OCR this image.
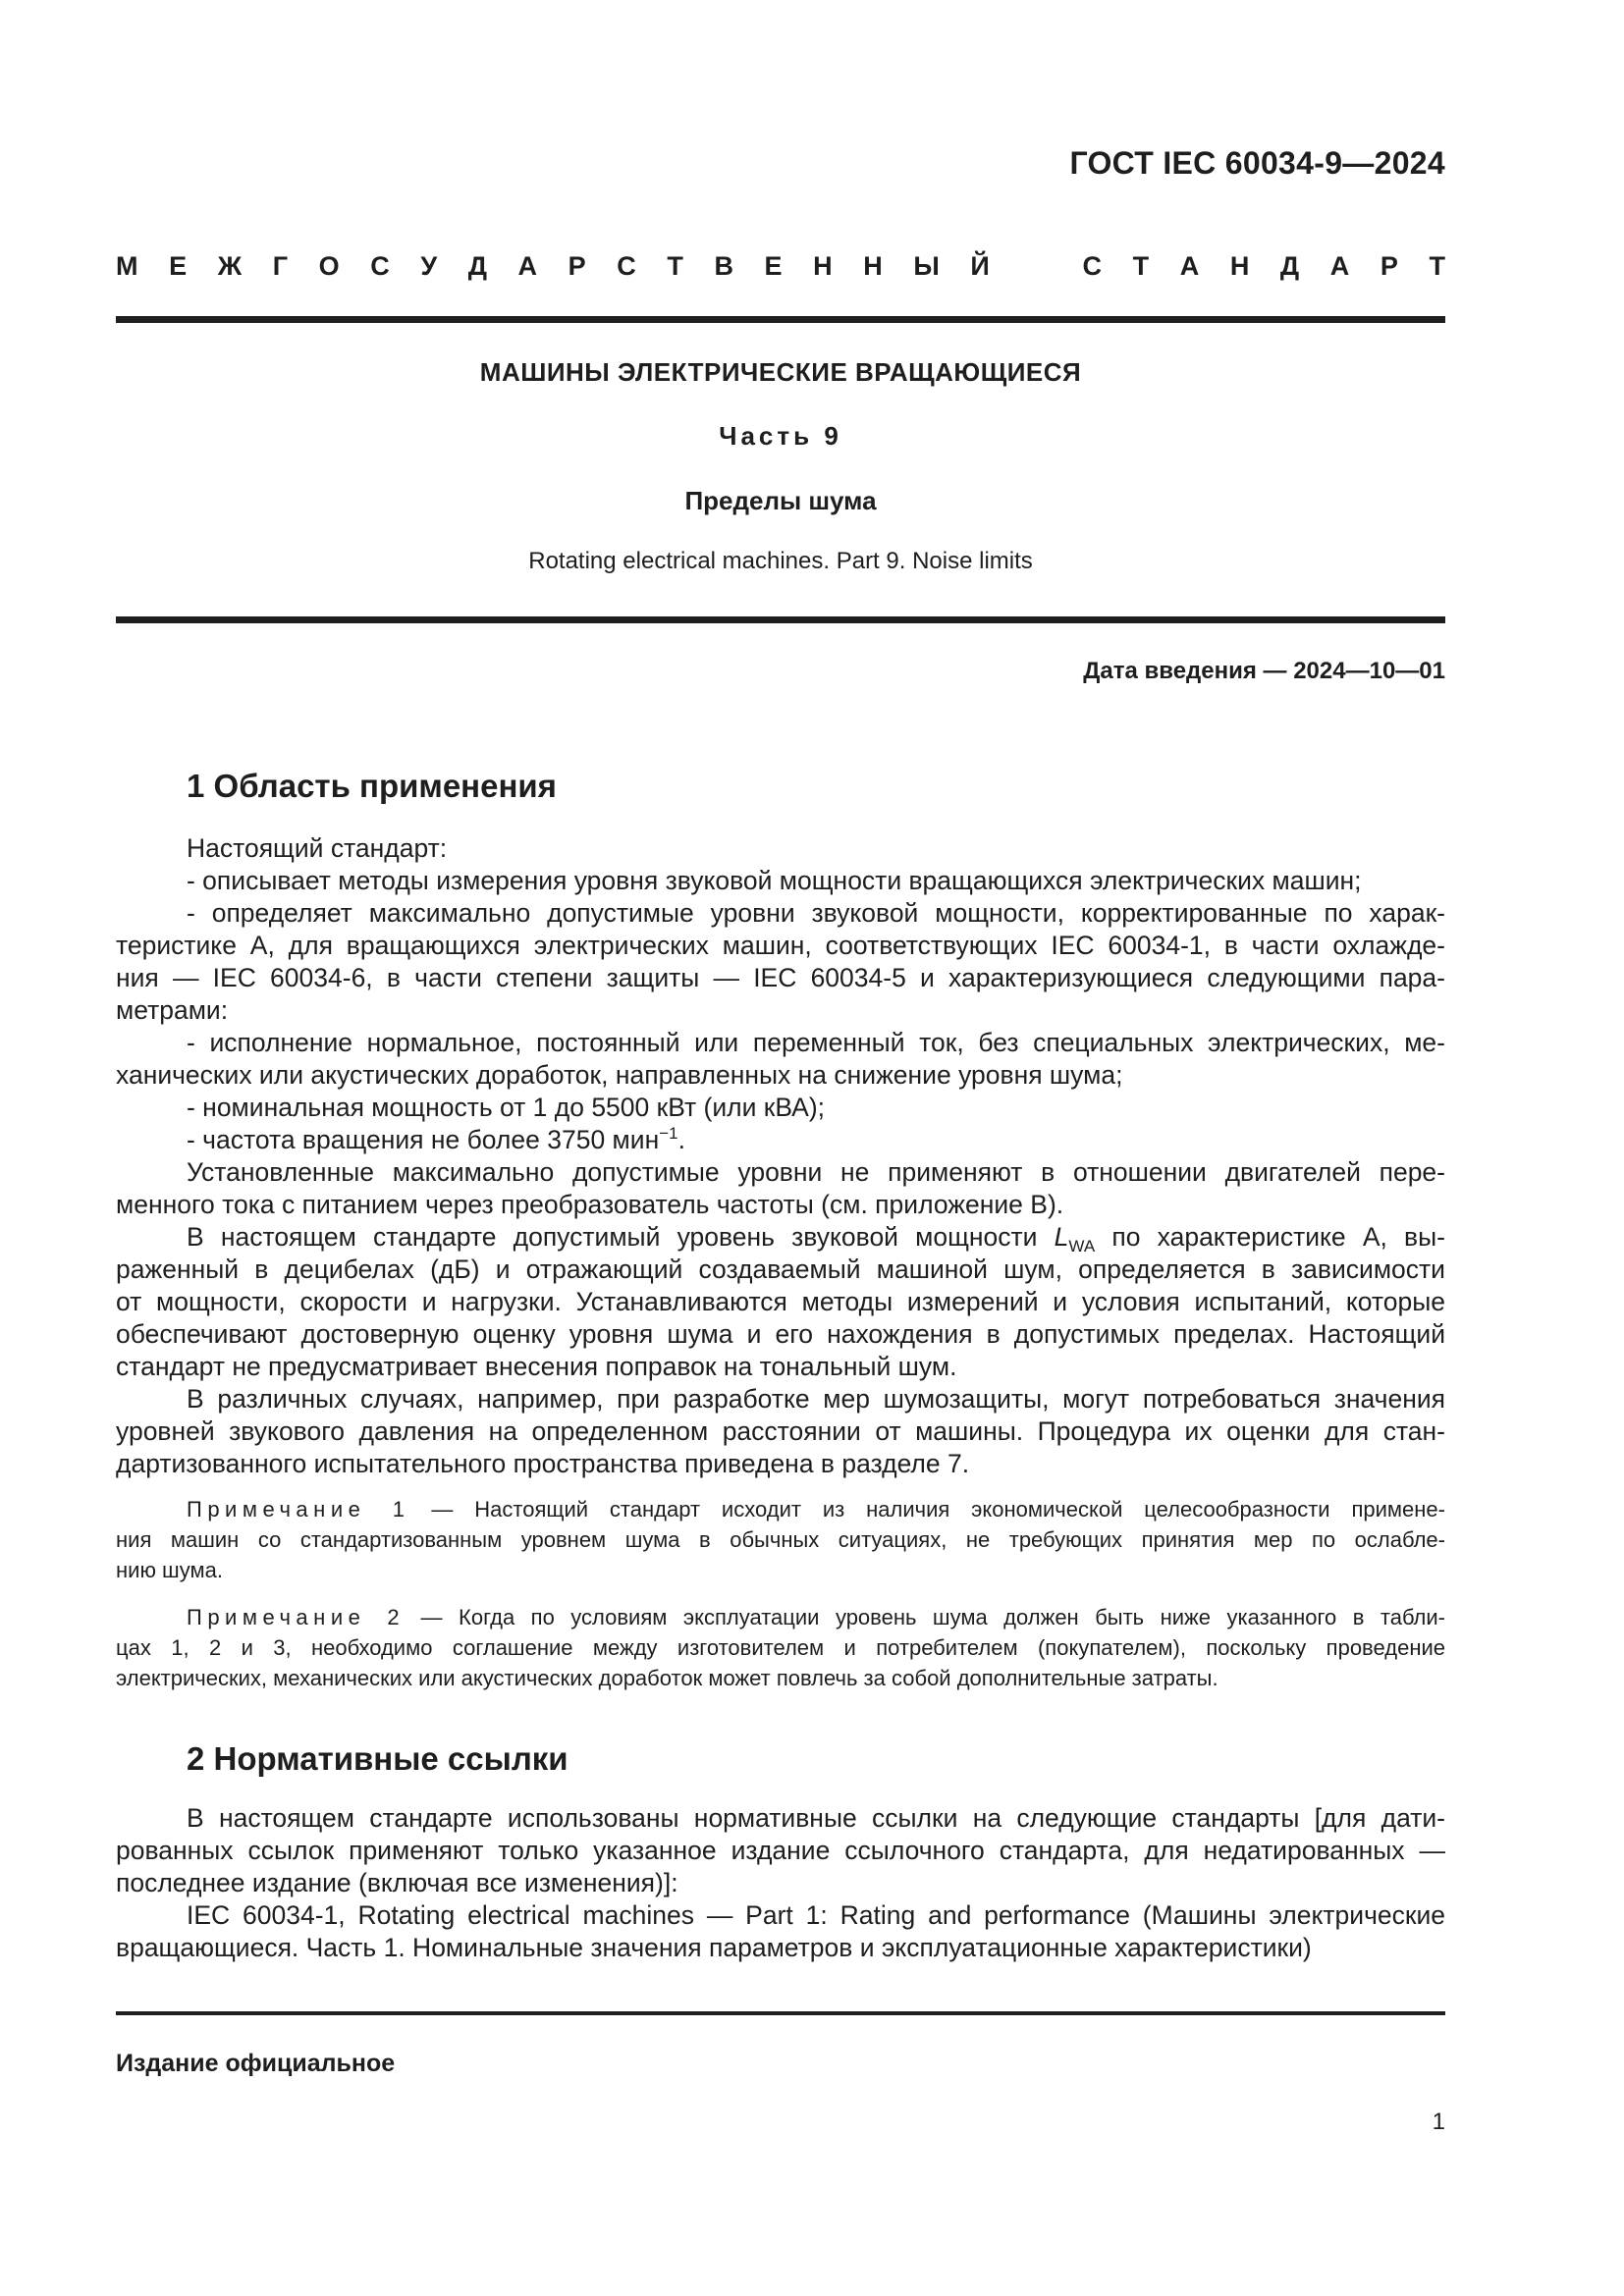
ГОСТ IEC 60034-9—2024
М Е Ж Г О С У Д А Р С Т В Е Н Н Ы Й	С Т А Н Д А Р Т
МАШИНЫ ЭЛЕКТРИЧЕСКИЕ ВРАЩАЮЩИЕСЯ
Часть 9
Пределы шума
Rotating electrical machines. Part 9. Noise limits
Дата введения — 2024—10—01
1 Область применения
Настоящий стандарт:
- описывает методы измерения уровня звуковой мощности вращающихся электрических машин;
- определяет максимально допустимые уровни звуковой мощности, корректированные по харак-
теристике А, для вращающихся электрических машин, соответствующих IEC 60034-1, в части охлажде-
ния — IEC 60034-6, в части степени защиты — IEC 60034-5 и характеризующиеся следующими пара-
метрами:
- исполнение нормальное, постоянный или переменный ток, без специальных электрических, ме-
ханических или акустических доработок, направленных на снижение уровня шума;
- номинальная мощность от 1 до 5500 кВт (или кВА);
- частота вращения не более 3750 мин$^{-1}$.
Установленные максимально допустимые уровни не применяют в отношении двигателей пере-
менного тока с питанием через преобразователь частоты (см. приложение В).
В настоящем стандарте допустимый уровень звуковой мощности $L_{WA}$ по характеристике А, вы-
раженный в децибелах (дБ) и отражающий создаваемый машиной шум, определяется в зависимости
от мощности, скорости и нагрузки. Устанавливаются методы измерений и условия испытаний, которые
обеспечивают достоверную оценку уровня шума и его нахождения в допустимых пределах. Настоящий
стандарт не предусматривает внесения поправок на тональный шум.
В различных случаях, например, при разработке мер шумозащиты, могут потребоваться значения
уровней звукового давления на определенном расстоянии от машины. Процедура их оценки для стан-
дартизованного испытательного пространства приведена в разделе 7.
Примечание 1 — Настоящий стандарт исходит из наличия экономической целесообразности примене-
ния машин со стандартизованным уровнем шума в обычных ситуациях, не требующих принятия мер по ослабле-
нию шума.
Примечание 2 — Когда по условиям эксплуатации уровень шума должен быть ниже указанного в табли-
цах 1, 2 и 3, необходимо соглашение между изготовителем и потребителем (покупателем), поскольку проведение
электрических, механических или акустических доработок может повлечь за собой дополнительные затраты.
2 Нормативные ссылки
В настоящем стандарте использованы нормативные ссылки на следующие стандарты [для дати-
рованных ссылок применяют только указанное издание ссылочного стандарта, для недатированных —
последнее издание (включая все изменения)]:
IEC 60034-1, Rotating electrical machines — Part 1: Rating and performance (Машины электрические
вращающиеся. Часть 1. Номинальные значения параметров и эксплуатационные характеристики)
Издание официальное
1
